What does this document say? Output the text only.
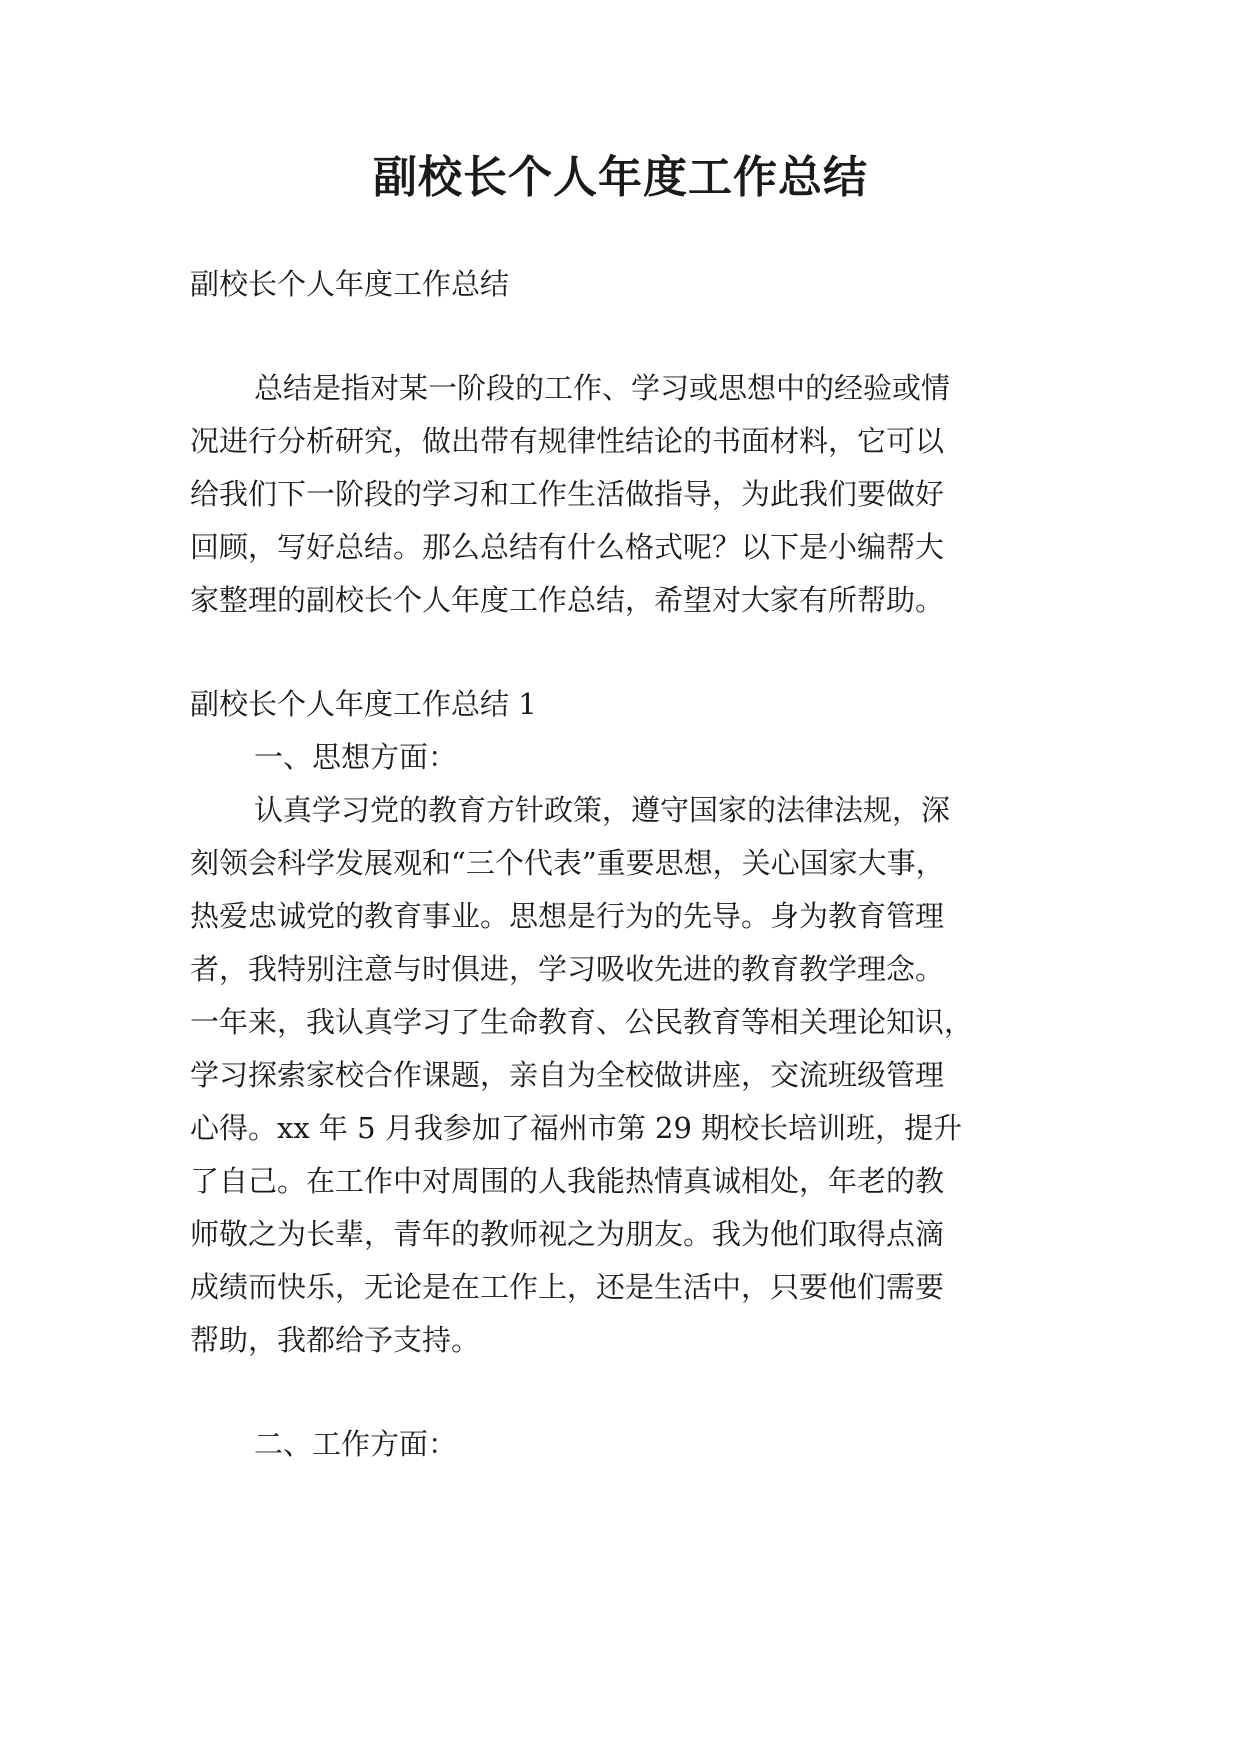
副校长个人年度工作总结

副校长个人年度工作总结

总结是指对某一阶段的工作、学习或思想中的经验或情

况进行分析研究，做出带有规律性结论的书面材料，它可以

给我们下一阶段的学习和工作生活做指导，为此我们要做好

回顾，写好总结。那么总结有什么格式呢？以下是小编帮大

家整理的副校长个人年度工作总结，希望对大家有所帮助。

副校长个人年度工作总结 1

一、思想方面：

认真学习党的教育方针政策，遵守国家的法律法规，深

刻领会科学发展观和“三个代表”重要思想，关心国家大事，

热爱忠诚党的教育事业。思想是行为的先导。身为教育管理

者，我特别注意与时俱进，学习吸收先进的教育教学理念。

一年来，我认真学习了生命教育、公民教育等相关理论知识，

学习探索家校合作课题，亲自为全校做讲座，交流班级管理

心得。xx 年 5 月我参加了福州市第 29 期校长培训班，提升

了自己。在工作中对周围的人我能热情真诚相处，年老的教

师敬之为长辈，青年的教师视之为朋友。我为他们取得点滴

成绩而快乐，无论是在工作上，还是生活中，只要他们需要

帮助，我都给予支持。

二、工作方面：
